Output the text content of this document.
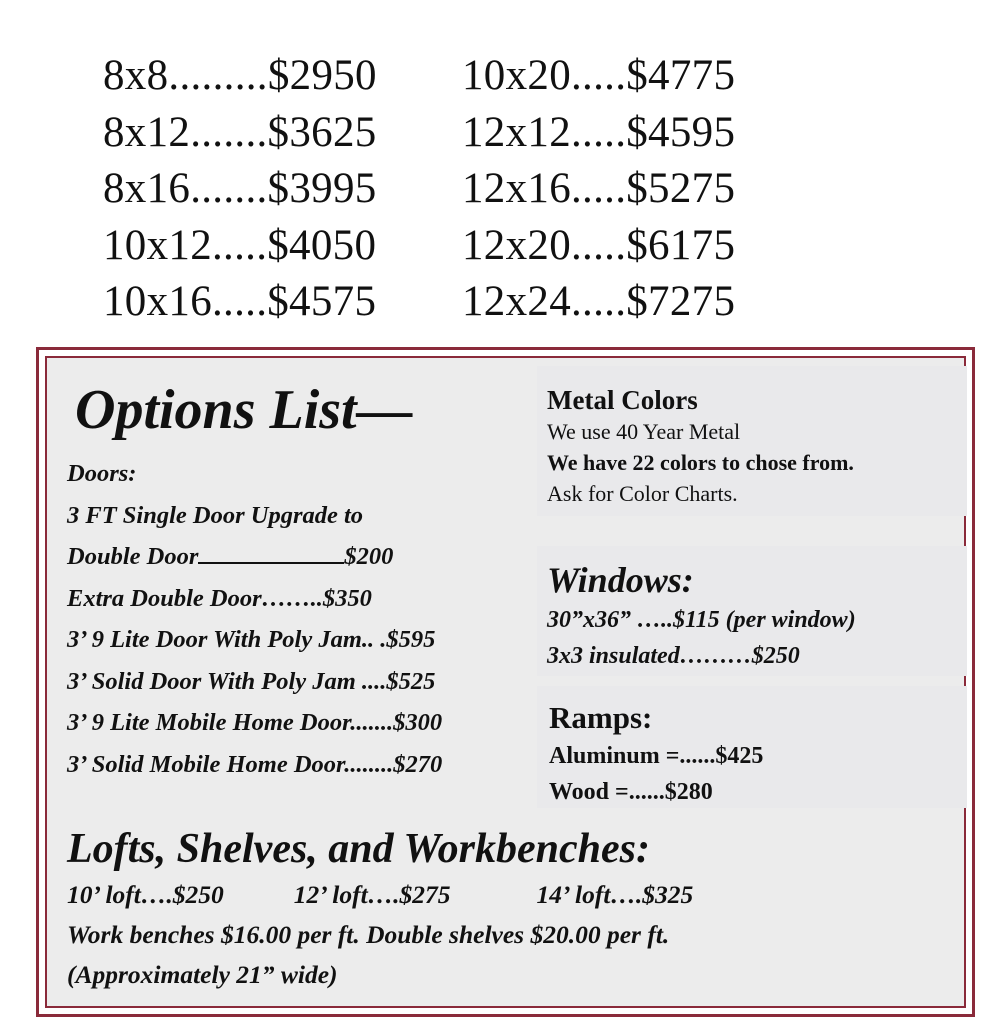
8x8.........$2950
8x12.......$3625
8x16.......$3995
10x12.....$4050
10x16.....$4575
10x20.....$4775
12x12.....$4595
12x16.....$5275
12x20.....$6175
12x24.....$7275
Options List—
Doors:
3 FT Single Door Upgrade to
Double Door	$200
Extra Double Door……..$350
3’ 9 Lite Door With Poly Jam.. .$595
3’ Solid Door With Poly Jam ....$525
3’ 9 Lite Mobile Home Door.......$300
3’ Solid Mobile Home Door........$270
Metal Colors
We use 40 Year Metal
We have 22 colors to chose from.
Ask for Color Charts.
Windows:
30”x36” …..$115 (per window)
3x3 insulated………$250
Ramps:
Aluminum =......$425
Wood =......$280
Lofts, Shelves, and Workbenches:
10’ loft….$250	12’ loft….$275	14’ loft….$325
Work benches $16.00 per ft. Double shelves $20.00 per ft.
(Approximately 21” wide)
